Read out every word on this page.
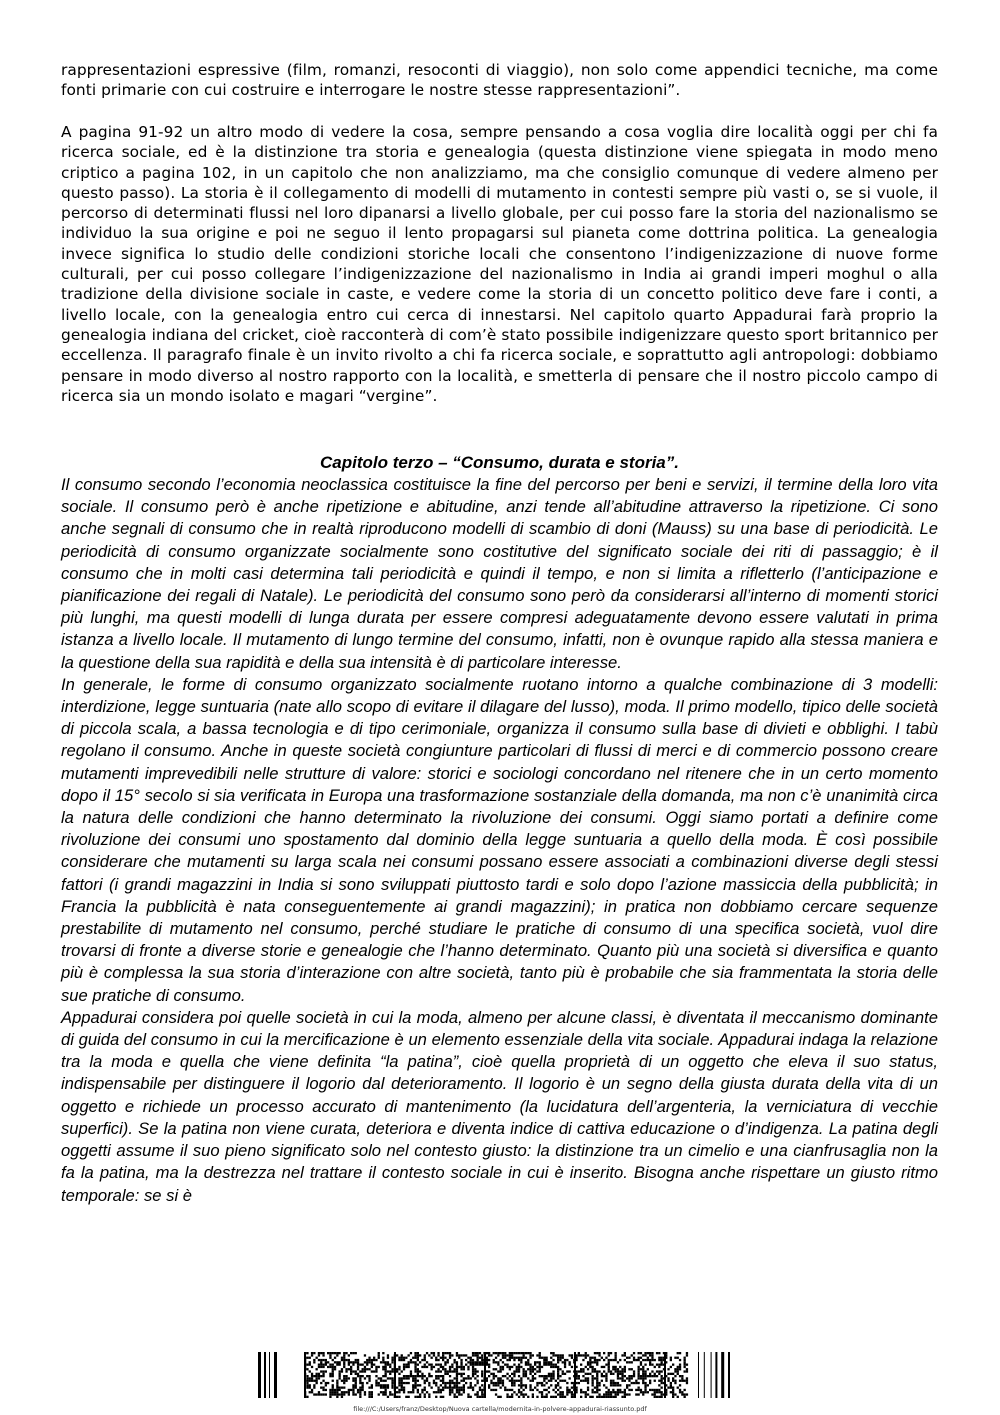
rappresentazioni espressive (film, romanzi, resoconti di viaggio), non solo come appendici tecniche, ma come fonti primarie con cui costruire e interrogare le nostre stesse rappresentazioni”.

A pagina 91-92 un altro modo di vedere la cosa, sempre pensando a cosa voglia dire località oggi per chi fa ricerca sociale, ed è la distinzione tra storia e genealogia (questa distinzione viene spiegata in modo meno criptico a pagina 102, in un capitolo che non analizziamo, ma che consiglio comunque di vedere almeno per questo passo). La storia è il collegamento di modelli di mutamento in contesti sempre più vasti o, se si vuole, il percorso di determinati flussi nel loro dipanarsi a livello globale, per cui posso fare la storia del nazionalismo se individuo la sua origine e poi ne seguo il lento propagarsi sul pianeta come dottrina politica. La genealogia invece significa lo studio delle condizioni storiche locali che consentono l’indigenizzazione di nuove forme culturali, per cui posso collegare l’indigenizzazione del nazionalismo in India ai grandi imperi moghul o alla tradizione della divisione sociale in caste, e vedere come la storia di un concetto politico deve fare i conti, a livello locale, con la genealogia entro cui cerca di innestarsi. Nel capitolo quarto Appadurai farà proprio la genealogia indiana del cricket, cioè racconterà di com’è stato possibile indigenizzare questo sport britannico per eccellenza. Il paragrafo finale è un invito rivolto a chi fa ricerca sociale, e soprattutto agli antropologi: dobbiamo pensare in modo diverso al nostro rapporto con la località, e smetterla di pensare che il nostro piccolo campo di ricerca sia un mondo isolato e magari “vergine”.

Capitolo terzo – “Consumo, durata e storia”.

Il consumo secondo l’economia neoclassica costituisce la fine del percorso per beni e servizi, il termine della loro vita sociale. Il consumo però è anche ripetizione e abitudine, anzi tende all’abitudine attraverso la ripetizione. Ci sono anche segnali di consumo che in realtà riproducono modelli di scambio di doni (Mauss) su una base di periodicità. Le periodicità di consumo organizzate socialmente sono costitutive del significato sociale dei riti di passaggio; è il consumo che in molti casi determina tali periodicità e quindi il tempo, e non si limita a rifletterlo (l’anticipazione e pianificazione dei regali di Natale). Le periodicità del consumo sono però da considerarsi all’interno di momenti storici più lunghi, ma questi modelli di lunga durata per essere compresi adeguatamente devono essere valutati in prima istanza a livello locale. Il mutamento di lungo termine del consumo, infatti, non è ovunque rapido alla stessa maniera e la questione della sua rapidità e della sua intensità è di particolare interesse.

In generale, le forme di consumo organizzato socialmente ruotano intorno a qualche combinazione di 3 modelli: interdizione, legge suntuaria (nate allo scopo di evitare il dilagare del lusso), moda. Il primo modello, tipico delle società di piccola scala, a bassa tecnologia e di tipo cerimoniale, organizza il consumo sulla base di divieti e obblighi. I tabù regolano il consumo. Anche in queste società congiunture particolari di flussi di merci e di commercio possono creare mutamenti imprevedibili nelle strutture di valore: storici e sociologi concordano nel ritenere che in un certo momento dopo il 15° secolo si sia verificata in Europa una trasformazione sostanziale della domanda, ma non c’è unanimità circa la natura delle condizioni che hanno determinato la rivoluzione dei consumi. Oggi siamo portati a definire come rivoluzione dei consumi uno spostamento dal dominio della legge suntuaria a quello della moda. È così possibile considerare che mutamenti su larga scala nei consumi possano essere associati a combinazioni diverse degli stessi fattori (i grandi magazzini in India si sono sviluppati piuttosto tardi e solo dopo l’azione massiccia della pubblicità; in Francia la pubblicità è nata conseguentemente ai grandi magazzini); in pratica non dobbiamo cercare sequenze prestabilite di mutamento nel consumo, perché studiare le pratiche di consumo di una specifica società, vuol dire trovarsi di fronte a diverse storie e genealogie che l’hanno determinato. Quanto più una società si diversifica e quanto più è complessa la sua storia d’interazione con altre società, tanto più è probabile che sia frammentata la storia delle sue pratiche di consumo.

Appadurai considera poi quelle società in cui la moda, almeno per alcune classi, è diventata il meccanismo dominante di guida del consumo in cui la mercificazione è un elemento essenziale della vita sociale. Appadurai indaga la relazione tra la moda e quella che viene definita “la patina”, cioè quella proprietà di un oggetto che eleva il suo status, indispensabile per distinguere il logorio dal deterioramento. Il logorio è un segno della giusta durata della vita di un oggetto e richiede un processo accurato di mantenimento (la lucidatura dell’argenteria, la verniciatura di vecchie superfici). Se la patina non viene curata, deteriora e diventa indice di cattiva educazione o d’indigenza. La patina degli oggetti assume il suo pieno significato solo nel contesto giusto: la distinzione tra un cimelio e una cianfrusaglia non la fa la patina, ma la destrezza nel trattare il contesto sociale in cui è inserito. Bisogna anche rispettare un giusto ritmo temporale: se si è

file:///C:/Users/franz/Desktop/Nuova cartella/modernita-in-polvere-appadurai-riassunto.pdf
